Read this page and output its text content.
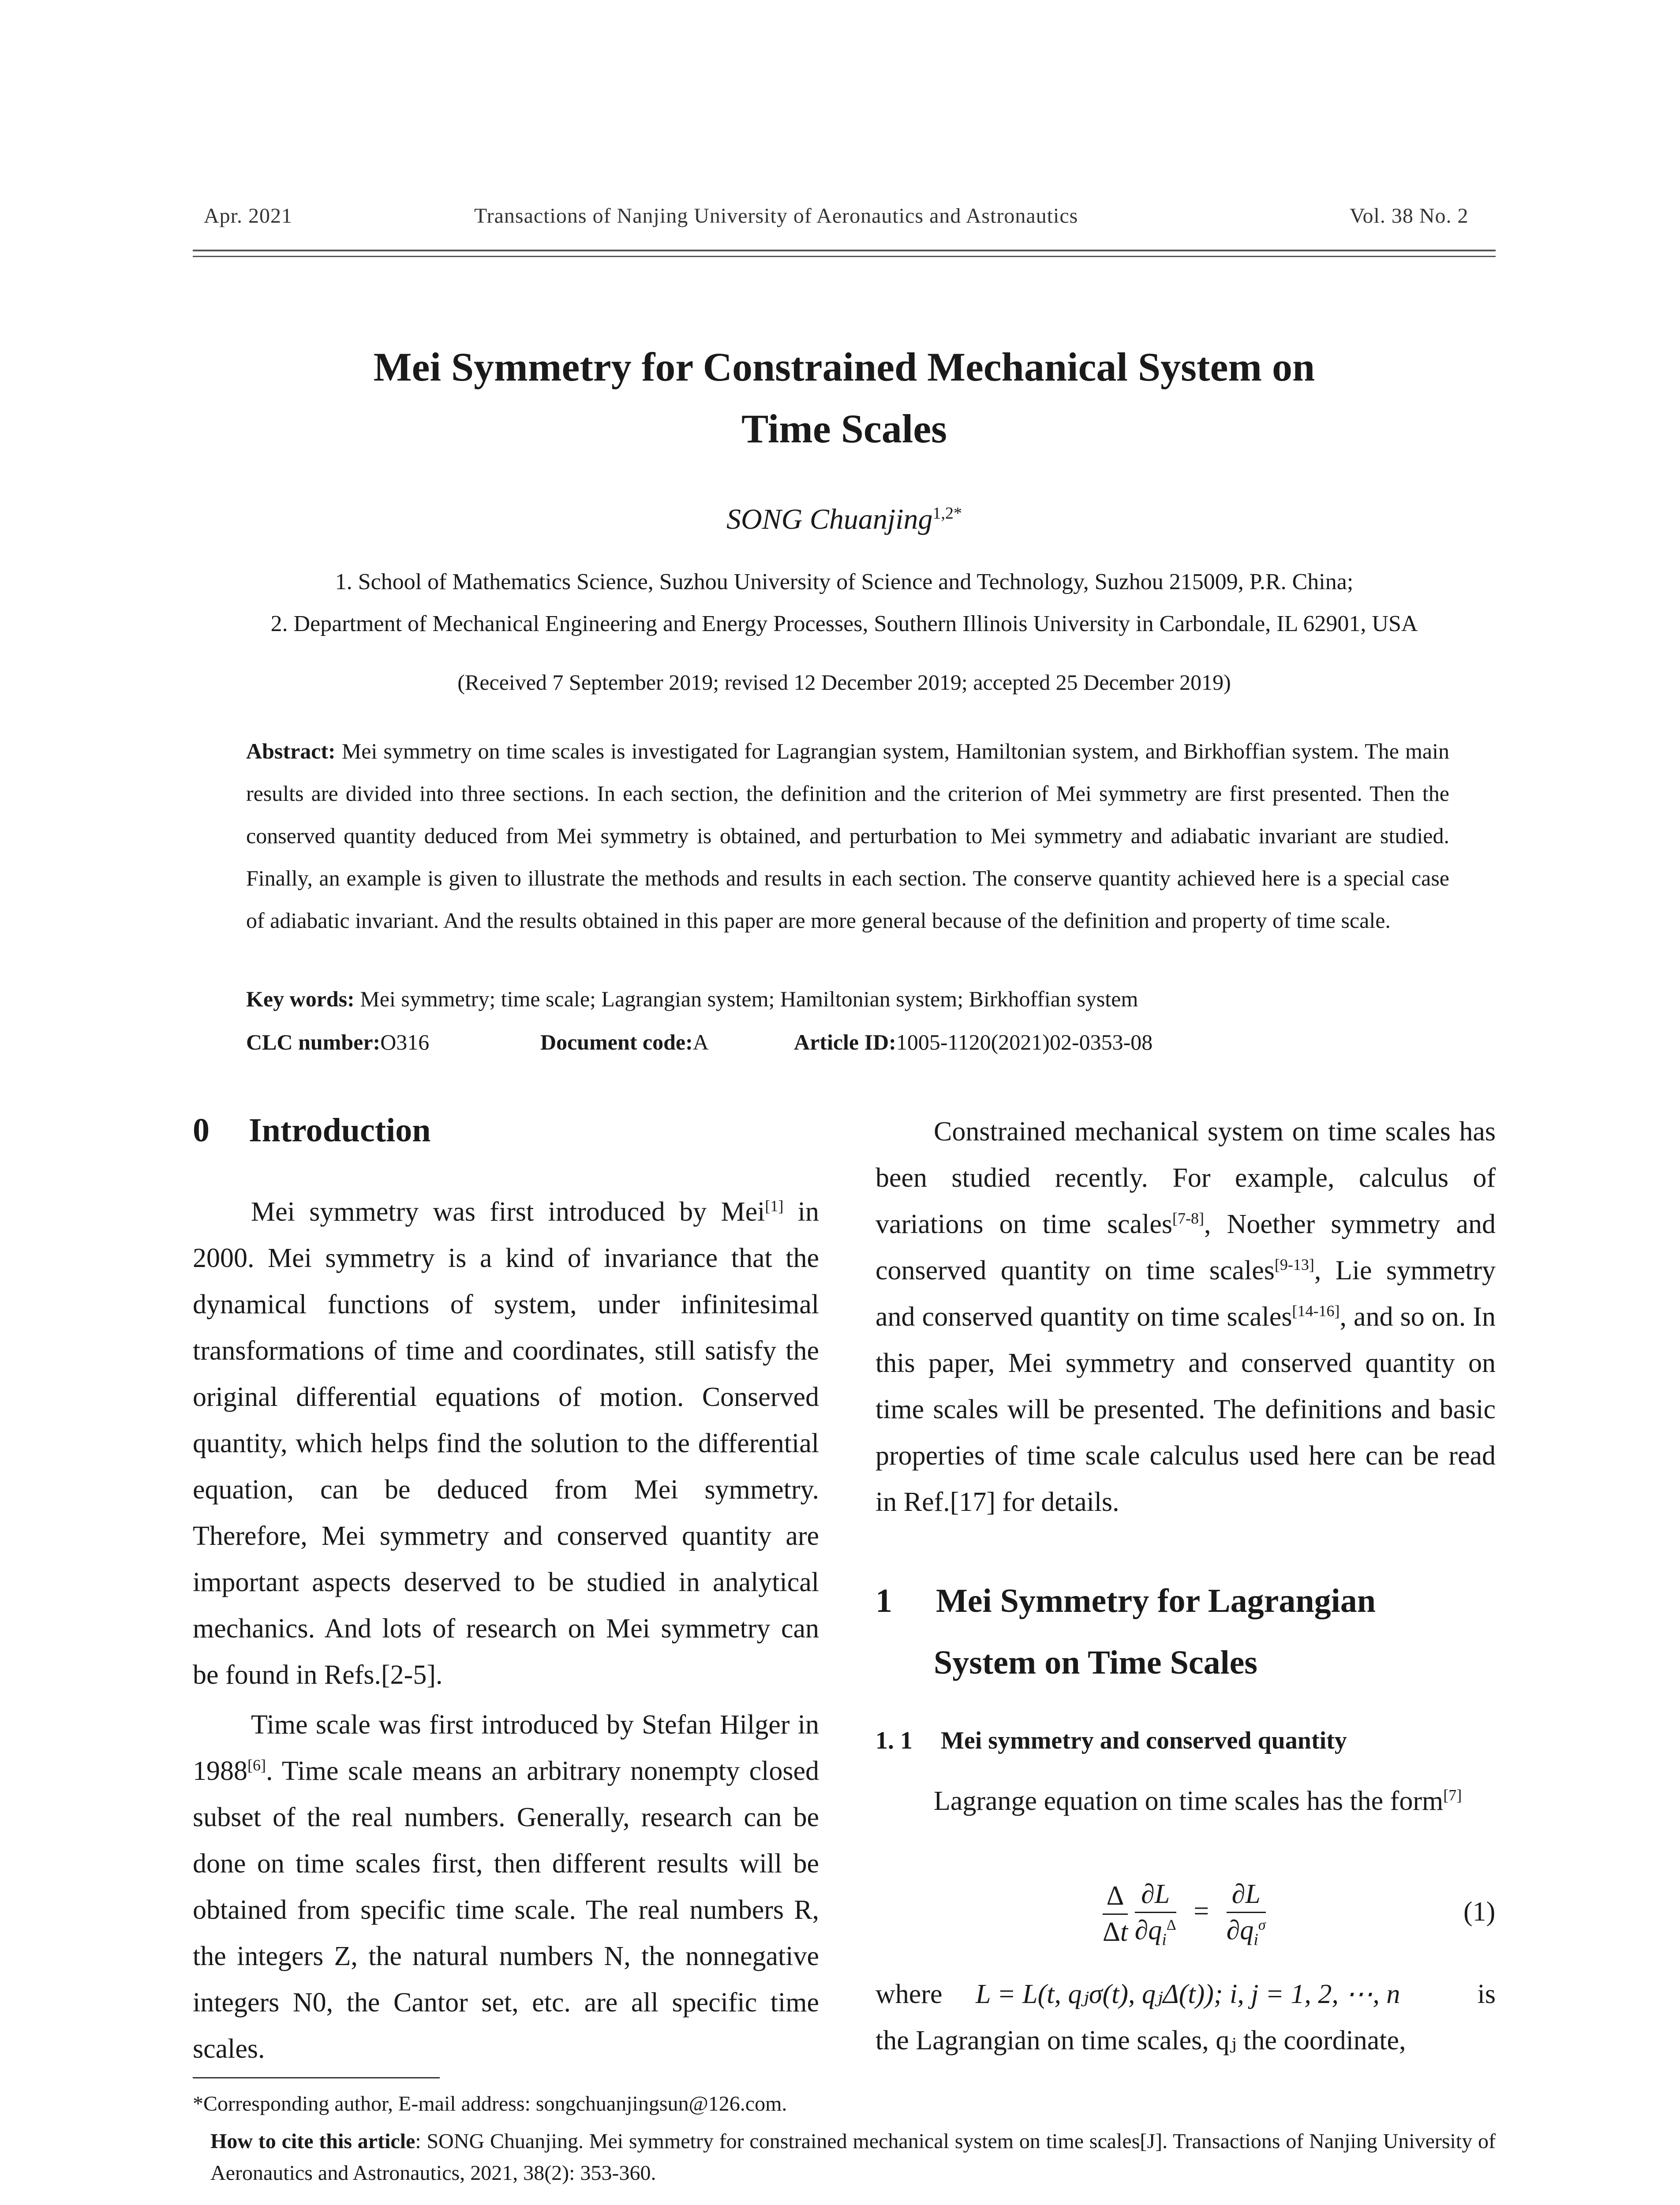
Apr. 2021	Transactions of Nanjing University of Aeronautics and Astronautics	Vol. 38 No. 2
Mei Symmetry for Constrained Mechanical System on
Time Scales
SONG Chuanjing$^{1,2*}$
1. School of Mathematics Science, Suzhou University of Science and Technology, Suzhou 215009, P.R. China;
2. Department of Mechanical Engineering and Energy Processes, Southern Illinois University in Carbondale, IL 62901, USA
(Received 7 September 2019; revised 12 December 2019; accepted 25 December 2019)
Abstract: Mei symmetry on time scales is investigated for Lagrangian system, Hamiltonian system, and Birkhoffian system. The main results are divided into three sections. In each section, the definition and the criterion of Mei symmetry are first presented. Then the conserved quantity deduced from Mei symmetry is obtained, and perturbation to Mei symmetry and adiabatic invariant are studied. Finally, an example is given to illustrate the methods and results in each section. The conserve quantity achieved here is a special case of adiabatic invariant. And the results obtained in this paper are more general because of the definition and property of time scale.
Key words: Mei symmetry; time scale; Lagrangian system; Hamiltonian system; Birkhoffian system
CLC number:O316	Document code:A	Article ID:1005-1120(2021)02-0353-08
0 Introduction

Mei symmetry was first introduced by Mei[1] in 2000. Mei symmetry is a kind of invariance that the dynamical functions of system, under infinitesimal transformations of time and coordinates, still satisfy the original differential equations of motion. Conserved quantity, which helps find the solution to the differential equation, can be deduced from Mei symmetry. Therefore, Mei symmetry and conserved quantity are important aspects deserved to be studied in analytical mechanics. And lots of research on Mei symmetry can be found in Refs.[2-5].

Time scale was first introduced by Stefan Hilger in 1988[6]. Time scale means an arbitrary nonempty closed subset of the real numbers. Generally, research can be done on time scales first, then different results will be obtained from specific time scale. The real numbers R, the integers Z, the natural numbers N, the nonnegative integers N0, the Cantor set, etc. are all specific time scales.

Constrained mechanical system on time scales has been studied recently. For example, calculus of variations on time scales[7-8], Noether symmetry and conserved quantity on time scales[9-13], Lie symmetry and conserved quantity on time scales[14-16], and so on. In this paper, Mei symmetry and conserved quantity on time scales will be presented. The definitions and basic properties of time scale calculus used here can be read in Ref.[17] for details.

1 Mei Symmetry for Lagrangian
System on Time Scales
1. 1 Mei symmetry and conserved quantity

Lagrange equation on time scales has the form[7]

$\frac{\Delta}{\Delta t}$
$\frac{\partial L}{\partial q_i^\Delta} = \frac{\partial L}{\partial q_i^\sigma}$	(1)
where L = L(t, qⱼσ(t), qⱼΔ(t)); i, j = 1, 2, ⋯, n	is
the Lagrangian on time scales, qⱼ the coordinate,
*Corresponding author, E-mail address: songchuanjingsun@126.com.
How to cite this article: SONG Chuanjing. Mei symmetry for constrained mechanical system on time scales[J]. Transactions of Nanjing University of Aeronautics and Astronautics, 2021, 38(2): 353-360.
